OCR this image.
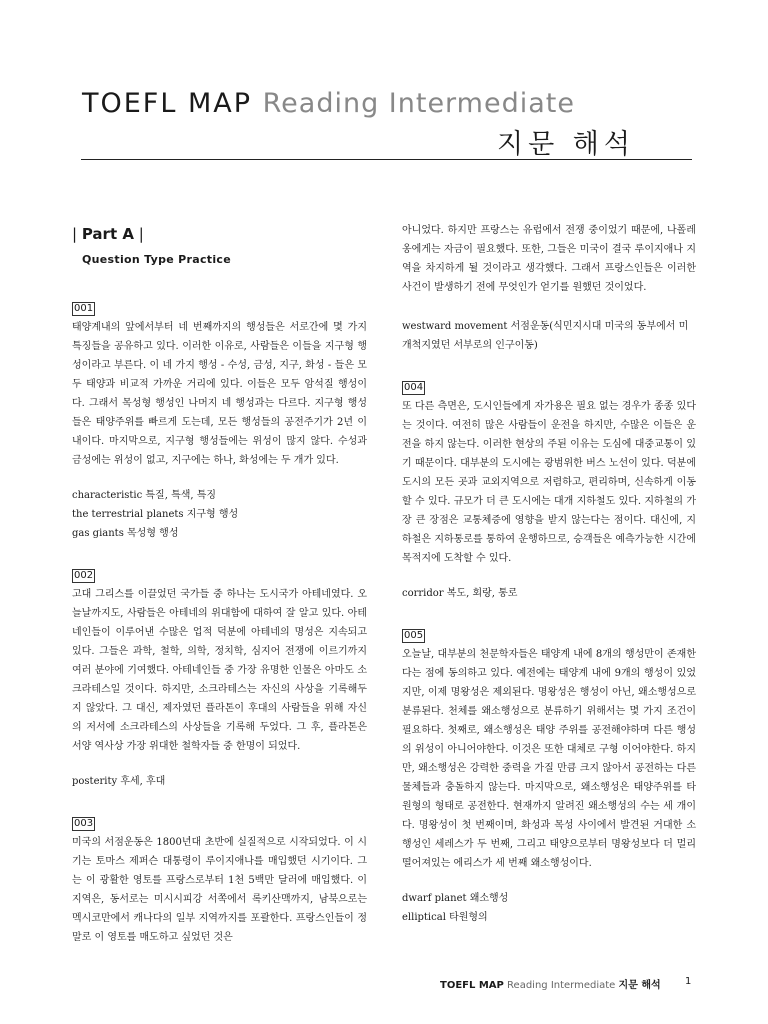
TOEFL MAP Reading Intermediate
지문 해석
| Part A |
Question Type Practice
001

태양계내의 앞에서부터 네 번째까지의 행성들은 서로간에 몇 가지 특징들을 공유하고 있다. 이러한 이유로, 사람들은 이들을 지구형 행성이라고 부른다. 이 네 가지 행성 - 수성, 금성, 지구, 화성 - 들은 모두 태양과 비교적 가까운 거리에 있다. 이들은 모두 암석질 행성이다. 그래서 목성형 행성인 나머지 네 행성과는 다르다. 지구형 행성들은 태양주위를 빠르게 도는데, 모든 행성들의 공전주기가 2년 이내이다. 마지막으로, 지구형 행성들에는 위성이 많지 않다. 수성과 금성에는 위성이 없고, 지구에는 하나, 화성에는 두 개가 있다.

characteristic 특질, 특색, 특징
the terrestrial planets 지구형 행성
gas giants 목성형 행성
002

고대 그리스를 이끌었던 국가들 중 하나는 도시국가 아테네였다. 오늘날까지도, 사람들은 아테네의 위대함에 대하여 잘 알고 있다. 아테네인들이 이루어낸 수많은 업적 덕분에 아테네의 명성은 지속되고 있다. 그들은 과학, 철학, 의학, 정치학, 심지어 전쟁에 이르기까지 여러 분야에 기여했다. 아테네인들 중 가장 유명한 인물은 아마도 소크라테스일 것이다. 하지만, 소크라테스는 자신의 사상을 기록해두지 않았다. 그 대신, 제자였던 플라톤이 후대의 사람들을 위해 자신의 저서에 소크라테스의 사상들을 기록해 두었다. 그 후, 플라톤은 서양 역사상 가장 위대한 철학자들 중 한명이 되었다.

posterity 후세, 후대
003

미국의 서점운동은 1800년대 초반에 실질적으로 시작되었다. 이 시기는 토마스 제퍼슨 대통령이 루이지애나를 매입했던 시기이다. 그는 이 광활한 영토를 프랑스로부터 1천 5백만 달러에 매입했다. 이 지역은, 동서로는 미시시피강 서쪽에서 록키산맥까지, 남북으로는 멕시코만에서 캐나다의 일부 지역까지를 포괄한다. 프랑스인들이 정말로 이 영토를 매도하고 싶었던 것은

아니었다. 하지만 프랑스는 유럽에서 전쟁 중이었기 때문에, 나폴레옹에게는 자금이 필요했다. 또한, 그들은 미국이 결국 루이지애나 지역을 차지하게 될 것이라고 생각했다. 그래서 프랑스인들은 이러한 사건이 발생하기 전에 무엇인가 얻기를 원했던 것이었다.

westward movement 서점운동(식민지시대 미국의 동부에서 미개척지였던 서부로의 인구이동)
004

또 다른 측면은, 도시인들에게 자가용은 필요 없는 경우가 종종 있다는 것이다. 여전히 많은 사람들이 운전을 하지만, 수많은 이들은 운전을 하지 않는다. 이러한 현상의 주된 이유는 도심에 대중교통이 있기 때문이다. 대부분의 도시에는 광범위한 버스 노선이 있다. 덕분에 도시의 모든 곳과 교외지역으로 저렴하고, 편리하며, 신속하게 이동할 수 있다. 규모가 더 큰 도시에는 대개 지하철도 있다. 지하철의 가장 큰 장점은 교통체증에 영향을 받지 않는다는 점이다. 대신에, 지하철은 지하통로를 통하여 운행하므로, 승객들은 예측가능한 시간에 목적지에 도착할 수 있다.

corridor 복도, 회랑, 통로
005

오늘날, 대부분의 천문학자들은 태양계 내에 8개의 행성만이 존재한다는 점에 동의하고 있다. 예전에는 태양계 내에 9개의 행성이 있었지만, 이제 명왕성은 제외된다. 명왕성은 행성이 아닌, 왜소행성으로 분류된다. 천체를 왜소행성으로 분류하기 위해서는 몇 가지 조건이 필요하다. 첫째로, 왜소행성은 태양 주위를 공전해야하며 다른 행성의 위성이 아니어야한다. 이것은 또한 대체로 구형 이어야한다. 하지만, 왜소행성은 강력한 중력을 가질 만큼 크지 않아서 공전하는 다른 물체들과 충돌하지 않는다. 마지막으로, 왜소행성은 태양주위를 타원형의 형태로 공전한다. 현재까지 알려진 왜소행성의 수는 세 개이다. 명왕성이 첫 번째이며, 화성과 목성 사이에서 발견된 거대한 소행성인 세레스가 두 번째, 그리고 태양으로부터 명왕성보다 더 멀리 떨어져있는 에리스가 세 번째 왜소행성이다.

dwarf planet 왜소행성
elliptical 타원형의
TOEFL MAP Reading Intermediate 지문 해석 1
